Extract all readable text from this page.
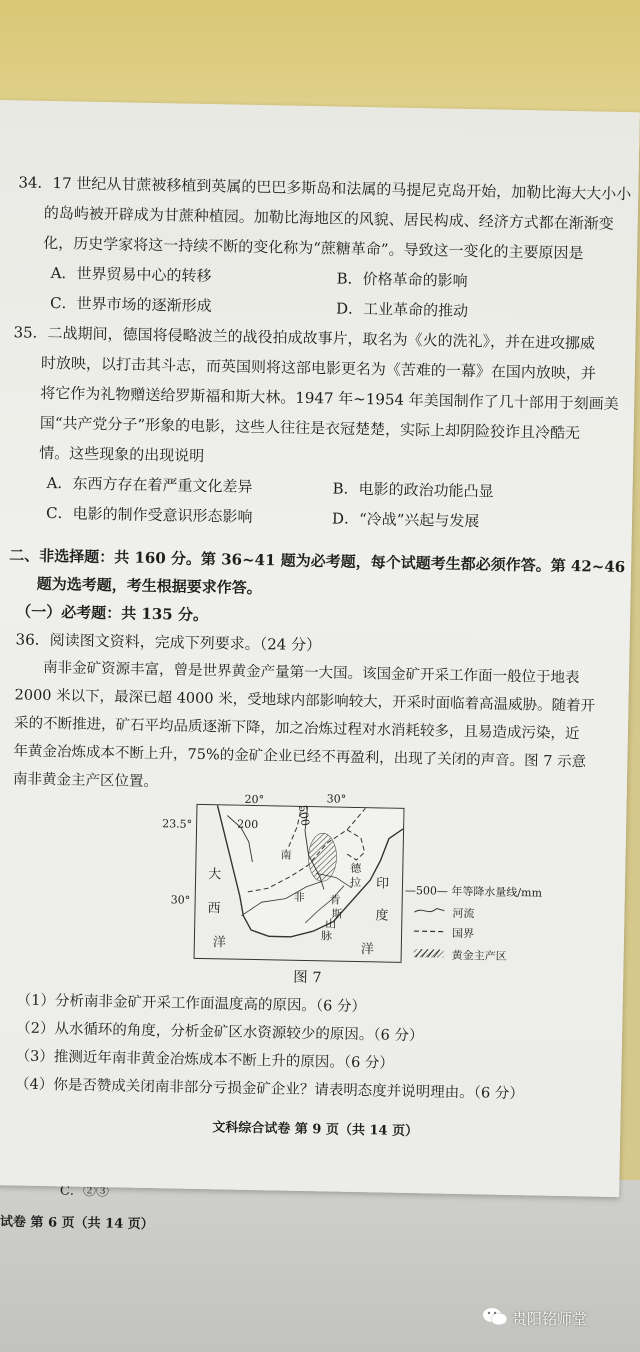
C．②③
试卷 第 6 页（共 14 页）
34．17 世纪从甘蔗被移植到英属的巴巴多斯岛和法属的马提尼克岛开始，加勒比海大大小小
的岛屿被开辟成为甘蔗种植园。加勒比海地区的风貌、居民构成、经济方式都在渐渐变
化，历史学家将这一持续不断的变化称为“蔗糖革命”。导致这一变化的主要原因是
A．世界贸易中心的转移	B．价格革命的影响
C．世界市场的逐渐形成	D．工业革命的推动
35．二战期间，德国将侵略波兰的战役拍成故事片，取名为《火的洗礼》，并在进攻挪威
时放映，以打击其斗志，而英国则将这部电影更名为《苦难的一幕》在国内放映，并
将它作为礼物赠送给罗斯福和斯大林。1947 年~1954 年美国制作了几十部用于刻画美
国“共产党分子”形象的电影，这些人往往是衣冠楚楚，实际上却阴险狡诈且冷酷无
情。这些现象的出现说明
A．东西方存在着严重文化差异	B．电影的政治功能凸显
C．电影的制作受意识形态影响	D．“冷战”兴起与发展
二、非选择题：共 160 分。第 36~41 题为必考题，每个试题考生都必须作答。第 42~46
题为选考题，考生根据要求作答。
（一）必考题：共 135 分。
36．阅读图文资料，完成下列要求。（24 分）
南非金矿资源丰富，曾是世界黄金产量第一大国。该国金矿开采工作面一般位于地表
2000 米以下，最深已超 4000 米，受地球内部影响较大，开采时面临着高温威胁。随着开
采的不断推进，矿石平均品质逐渐下降，加之冶炼过程对水消耗较多，且易造成污染，近
年黄金冶炼成本不断上升，75%的金矿企业已经不再盈利，出现了关闭的声音。图 7 示意
南非黄金主产区位置。
20°	30°
23.5°
30°
200	500
南
非
德
拉
肯
斯
山
脉
大
西
洋
印
度
洋
—500— 年等降水量线/mm
河流
国界
黄金主产区
图 7
（1）分析南非金矿开采工作面温度高的原因。（6 分）
（2）从水循环的角度，分析金矿区水资源较少的原因。（6 分）
（3）推测近年南非黄金冶炼成本不断上升的原因。（6 分）
（4）你是否赞成关闭南非部分亏损金矿企业？请表明态度并说明理由。（6 分）
文科综合试卷 第 9 页（共 14 页）
贵阳铭师堂
